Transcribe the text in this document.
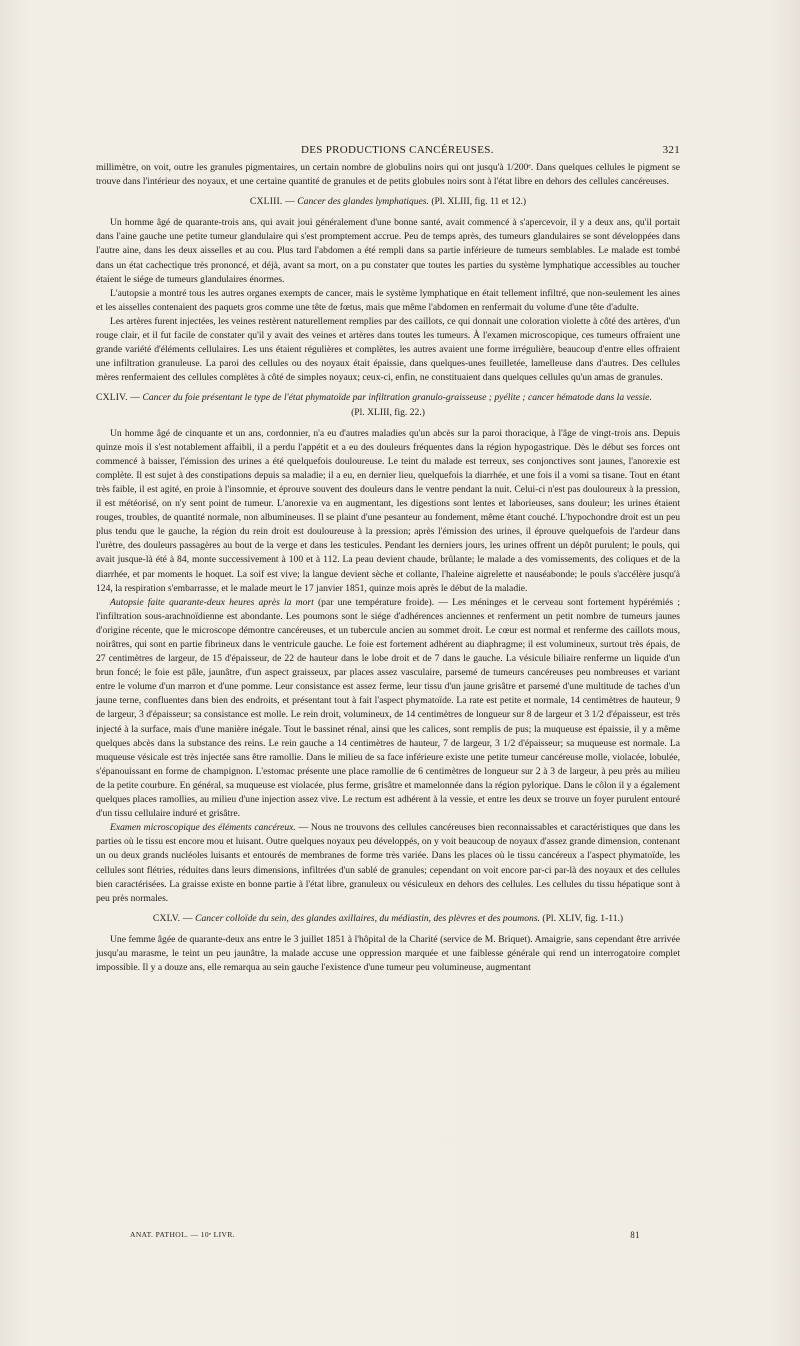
DES PRODUCTIONS CANCÉREUSES.	321

millimètre, on voit, outre les granules pigmentaires, un certain nombre de globulins noirs qui ont jusqu'à 1/200ᵉ. Dans quelques cellules le pigment se trouve dans l'intérieur des noyaux, et une certaine quantité de granules et de petits globules noirs sont à l'état libre en dehors des cellules cancéreuses.

CXLIII. — Cancer des glandes lymphatiques. (Pl. XLIII, fig. 11 et 12.)

Un homme âgé de quarante-trois ans, qui avait joui généralement d'une bonne santé, avait commencé à s'apercevoir, il y a deux ans, qu'il portait dans l'aine gauche une petite tumeur glandulaire qui s'est promptement accrue. Peu de temps après, des tumeurs glandulaires se sont développées dans l'autre aine, dans les deux aisselles et au cou. Plus tard l'abdomen a été rempli dans sa partie inférieure de tumeurs semblables. Le malade est tombé dans un état cachectique très prononcé, et déjà, avant sa mort, on a pu constater que toutes les parties du système lymphatique accessibles au toucher étaient le siége de tumeurs glandulaires énormes.

L'autopsie a montré tous les autres organes exempts de cancer, mais le système lymphatique en était tellement infiltré, que non-seulement les aines et les aisselles contenaient des paquets gros comme une tête de fœtus, mais que même l'abdomen en renfermait du volume d'une tête d'adulte.

Les artères furent injectées, les veines restèrent naturellement remplies par des caillots, ce qui donnait une coloration violette à côté des artères, d'un rouge clair, et il fut facile de constater qu'il y avait des veines et artères dans toutes les tumeurs. À l'examen microscopique, ces tumeurs offraient une grande variété d'éléments cellulaires. Les uns étaient régulières et complètes, les autres avaient une forme irrégulière, beaucoup d'entre elles offraient une infiltration granuleuse. La paroi des cellules ou des noyaux était épaissie, dans quelques-unes feuilletée, lamelleuse dans d'autres. Des cellules mères renfermaient des cellules complètes à côté de simples noyaux; ceux-ci, enfin, ne constituaient dans quelques cellules qu'un amas de granules.

CXLIV. — Cancer du foie présentant le type de l'état phymatoïde par infiltration granulo-graisseuse ; pyélite ; cancer hématode dans la vessie.
(Pl. XLIII, fig. 22.)

Un homme âgé de cinquante et un ans, cordonnier, n'a eu d'autres maladies qu'un abcès sur la paroi thoracique, à l'âge de vingt-trois ans. Depuis quinze mois il s'est notablement affaibli, il a perdu l'appétit et a eu des douleurs fréquentes dans la région hypogastrique. Dès le début ses forces ont commencé à baisser, l'émission des urines a été quelquefois douloureuse. Le teint du malade est terreux, ses conjonctives sont jaunes, l'anorexie est complète. Il est sujet à des constipations depuis sa maladie; il a eu, en dernier lieu, quelquefois la diarrhée, et une fois il a vomi sa tisane. Tout en étant très faible, il est agité, en proie à l'insomnie, et éprouve souvent des douleurs dans le ventre pendant la nuit. Celui-ci n'est pas douloureux à la pression, il est météorisé, on n'y sent point de tumeur. L'anorexie va en augmentant, les digestions sont lentes et laborieuses, sans douleur; les urines étaient rouges, troubles, de quantité normale, non albumineuses. Il se plaint d'une pesanteur au fondement, même étant couché. L'hypochondre droit est un peu plus tendu que le gauche, la région du rein droit est douloureuse à la pression; après l'émission des urines, il éprouve quelquefois de l'ardeur dans l'urètre, des douleurs passagères au bout de la verge et dans les testicules. Pendant les derniers jours, les urines offrent un dépôt purulent; le pouls, qui avait jusque-là été à 84, monte successivement à 100 et à 112. La peau devient chaude, brûlante; le malade a des vomissements, des coliques et de la diarrhée, et par moments le hoquet. La soif est vive; la langue devient sèche et collante, l'haleine aigrelette et nauséabonde; le pouls s'accélère jusqu'à 124, la respiration s'embarrasse, et le malade meurt le 17 janvier 1851, quinze mois après le début de la maladie.

Autopsie faite quarante-deux heures après la mort (par une température froide). — Les méninges et le cerveau sont fortement hypérémiés ; l'infiltration sous-arachnoïdienne est abondante. Les poumons sont le siége d'adhérences anciennes et renferment un petit nombre de tumeurs jaunes d'origine récente, que le microscope démontre cancéreuses, et un tubercule ancien au sommet droit. Le cœur est normal et renferme des caillots mous, noirâtres, qui sont en partie fibrineux dans le ventricule gauche. Le foie est fortement adhérent au diaphragme; il est volumineux, surtout très épais, de 27 centimètres de largeur, de 15 d'épaisseur, de 22 de hauteur dans le lobe droit et de 7 dans le gauche. La vésicule biliaire renferme un liquide d'un brun foncé; le foie est pâle, jaunâtre, d'un aspect graisseux, par places assez vasculaire, parsemé de tumeurs cancéreuses peu nombreuses et variant entre le volume d'un marron et d'une pomme. Leur consistance est assez ferme, leur tissu d'un jaune grisâtre et parsemé d'une multitude de taches d'un jaune terne, confluentes dans bien des endroits, et présentant tout à fait l'aspect phymatoïde. La rate est petite et normale, 14 centimètres de hauteur, 9 de largeur, 3 d'épaisseur; sa consistance est molle. Le rein droit, volumineux, de 14 centimètres de longueur sur 8 de largeur et 3 1/2 d'épaisseur, est très injecté à la surface, mais d'une manière inégale. Tout le bassinet rénal, ainsi que les calices, sont remplis de pus; la muqueuse est épaissie, il y a même quelques abcès dans la substance des reins. Le rein gauche a 14 centimètres de hauteur, 7 de largeur, 3 1/2 d'épaisseur; sa muqueuse est normale. La muqueuse vésicale est très injectée sans être ramollie. Dans le milieu de sa face inférieure existe une petite tumeur cancéreuse molle, violacée, lobulée, s'épanouissant en forme de champignon. L'estomac présente une place ramollie de 6 centimètres de longueur sur 2 à 3 de largeur, à peu près au milieu de la petite courbure. En général, sa muqueuse est violacée, plus ferme, grisâtre et mamelonnée dans la région pylorique. Dans le côlon il y a également quelques places ramollies, au milieu d'une injection assez vive. Le rectum est adhérent à la vessie, et entre les deux se trouve un foyer purulent entouré d'un tissu cellulaire induré et grisâtre.

Examen microscopique des éléments cancéreux. — Nous ne trouvons des cellules cancéreuses bien reconnaissables et caractéristiques que dans les parties où le tissu est encore mou et luisant. Outre quelques noyaux peu développés, on y voit beaucoup de noyaux d'assez grande dimension, contenant un ou deux grands nucléoles luisants et entourés de membranes de forme très variée. Dans les places où le tissu cancéreux a l'aspect phymatoïde, les cellules sont flétries, réduites dans leurs dimensions, infiltrées d'un sablé de granules; cependant on voit encore par-ci par-là des noyaux et des cellules bien caractérisées. La graisse existe en bonne partie à l'état libre, granuleux ou vésiculeux en dehors des cellules. Les cellules du tissu hépatique sont à peu près normales.

CXLV. — Cancer colloïde du sein, des glandes axillaires, du médiastin, des plèvres et des poumons. (Pl. XLIV, fig. 1-11.)

Une femme âgée de quarante-deux ans entre le 3 juillet 1851 à l'hôpital de la Charité (service de M. Briquet). Amaigrie, sans cependant être arrivée jusqu'au marasme, le teint un peu jaunâtre, la malade accuse une oppression marquée et une faiblesse générale qui rend un interrogatoire complet impossible. Il y a douze ans, elle remarqua au sein gauche l'existence d'une tumeur peu volumineuse, augmentant

ANAT. PATHOL. — 10ᵉ LIVR.	81
